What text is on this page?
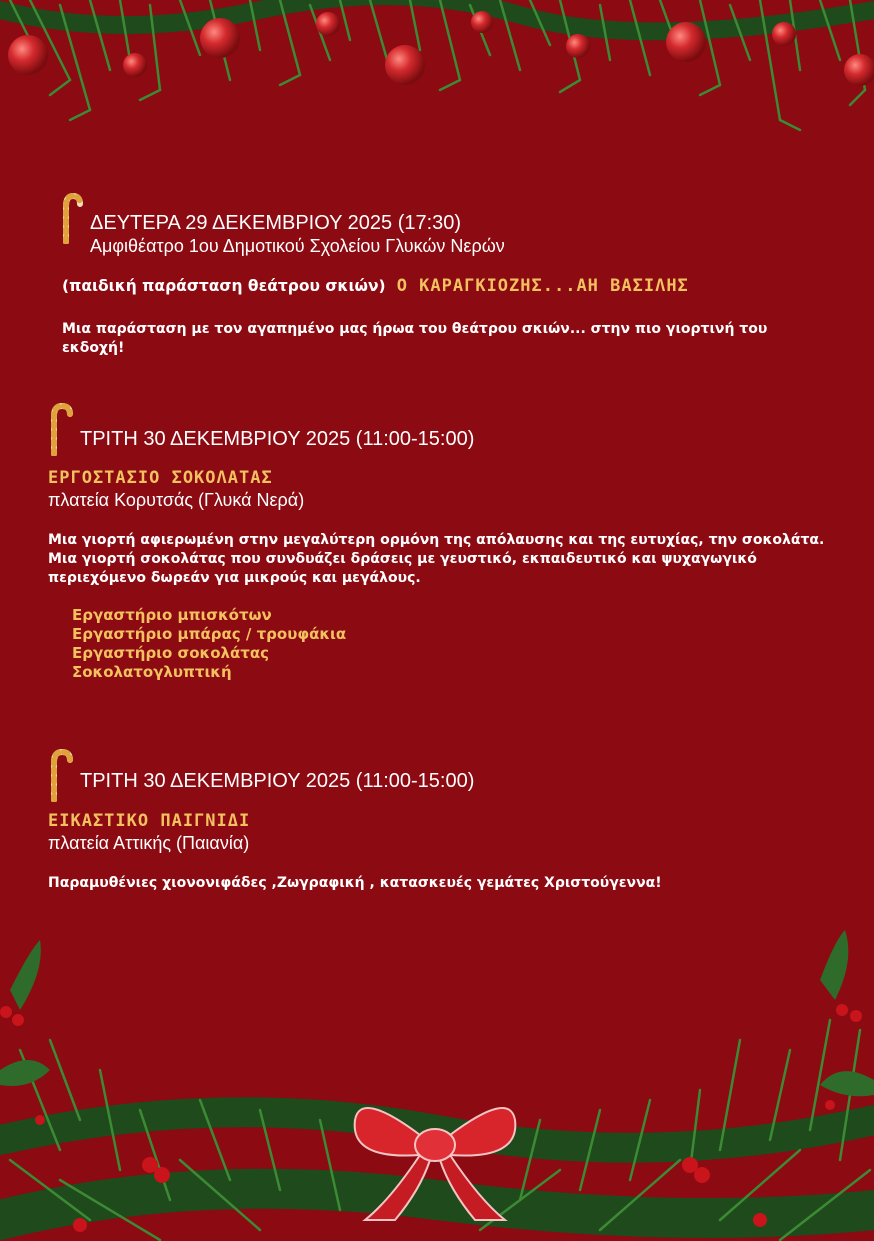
ΔΕΥΤΕΡΑ 29 ΔΕΚΕΜΒΡΙΟΥ 2025 (17:30)
Αμφιθέατρο 1ου Δημοτικού Σχολείου Γλυκών Νερών
(παιδική παράσταση θεάτρου σκιών) Ο ΚΑΡΑΓΚΙΟΖΗΣ...ΑΗ ΒΑΣΙΛΗΣ
Μια παράσταση με τον αγαπημένο μας ήρωα του θεάτρου σκιών... στην πιο γιορτινή του εκδοχή!
ΤΡΙΤΗ 30 ΔΕΚΕΜΒΡΙΟΥ 2025 (11:00-15:00)
ΕΡΓΟΣΤΑΣΙΟ ΣΟΚΟΛΑΤΑΣ
πλατεία Κορυτσάς (Γλυκά Νερά)
Μια γιορτή αφιερωμένη στην μεγαλύτερη ορμόνη της απόλαυσης και της ευτυχίας, την σοκολάτα. Μια γιορτή σοκολάτας που συνδυάζει δράσεις με γευστικό, εκπαιδευτικό και ψυχαγωγικό περιεχόμενο δωρεάν για μικρούς και μεγάλους.
Εργαστήριο μπισκότων
Εργαστήριο μπάρας / τρουφάκια
Εργαστήριο σοκολάτας
Σοκολατογλυπτική
ΤΡΙΤΗ 30 ΔΕΚΕΜΒΡΙΟΥ 2025 (11:00-15:00)
ΕΙΚΑΣΤΙΚΟ ΠΑΙΓΝΙΔΙ
πλατεία Αττικής (Παιανία)
Παραμυθένιες χιονονιφάδες ,Ζωγραφική , κατασκευές γεμάτες Χριστούγεννα!
